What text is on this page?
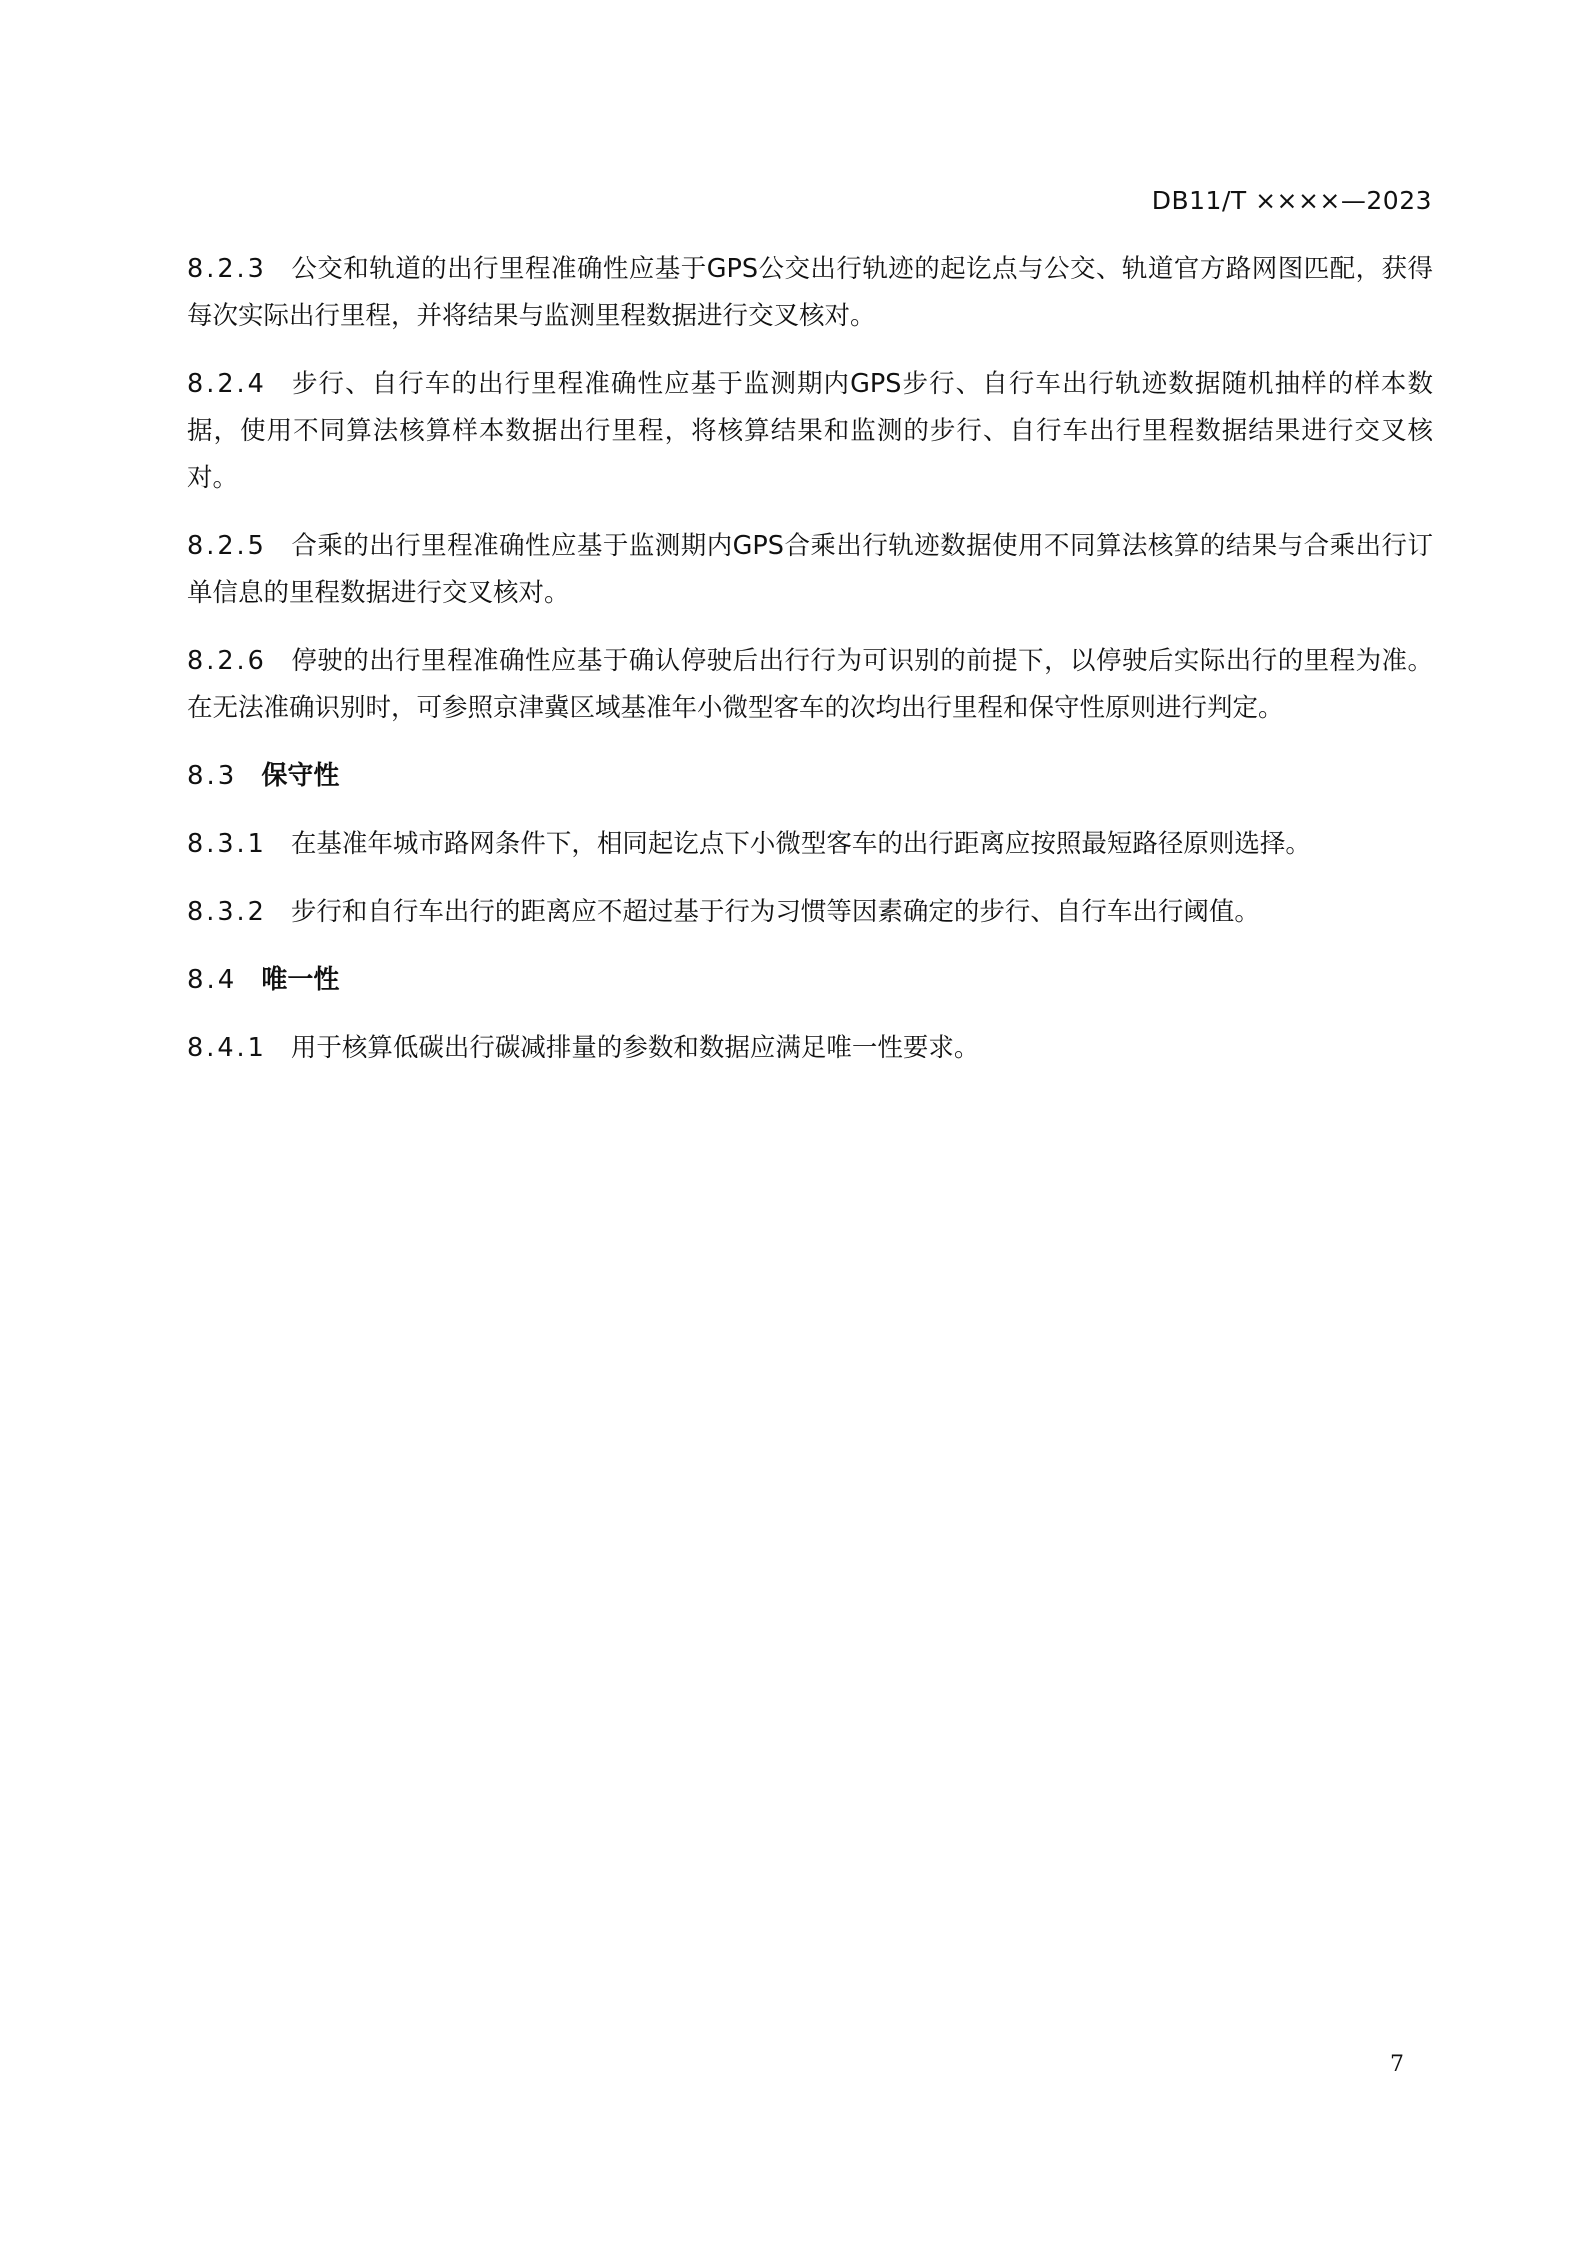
DB11/T ××××—2023

8.2.3 公交和轨道的出行里程准确性应基于GPS公交出行轨迹的起讫点与公交、轨道官方路网图匹配，获得每次实际出行里程，并将结果与监测里程数据进行交叉核对。

8.2.4 步行、自行车的出行里程准确性应基于监测期内GPS步行、自行车出行轨迹数据随机抽样的样本数据，使用不同算法核算样本数据出行里程，将核算结果和监测的步行、自行车出行里程数据结果进行交叉核对。

8.2.5 合乘的出行里程准确性应基于监测期内GPS合乘出行轨迹数据使用不同算法核算的结果与合乘出行订单信息的里程数据进行交叉核对。

8.2.6 停驶的出行里程准确性应基于确认停驶后出行行为可识别的前提下，以停驶后实际出行的里程为准。在无法准确识别时，可参照京津冀区域基准年小微型客车的次均出行里程和保守性原则进行判定。

8.3 保守性

8.3.1 在基准年城市路网条件下，相同起讫点下小微型客车的出行距离应按照最短路径原则选择。

8.3.2 步行和自行车出行的距离应不超过基于行为习惯等因素确定的步行、自行车出行阈值。

8.4 唯一性

8.4.1 用于核算低碳出行碳减排量的参数和数据应满足唯一性要求。

7
